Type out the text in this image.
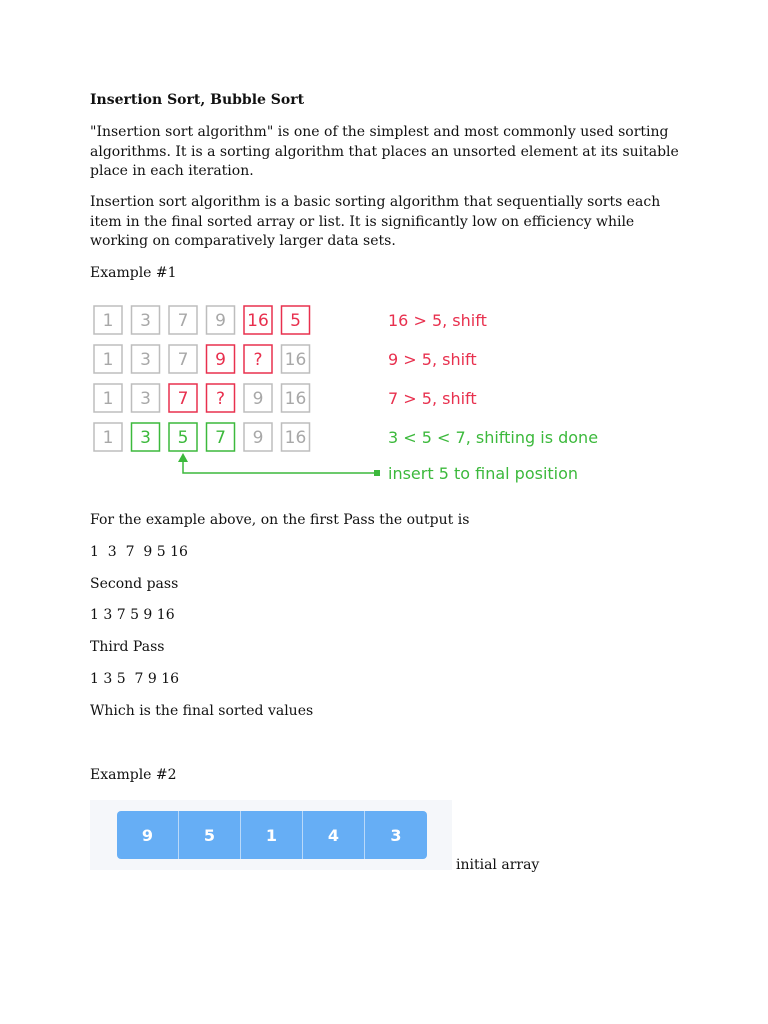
Insertion Sort, Bubble Sort

"Insertion sort algorithm" is one of the simplest and most commonly used sorting algorithms. It is a sorting algorithm that places an unsorted element at its suitable place in each iteration.

Insertion sort algorithm is a basic sorting algorithm that sequentially sorts each item in the final sorted array or list. It is significantly low on efficiency while working on comparatively larger data sets.

Example #1

1 3 7 9 16 5	16 > 5, shift
1 3 7 9 ? 16	9 > 5, shift
1 3 7 ? 9 16	7 > 5, shift
1 3 5 7 9 16	3 < 5 < 7, shifting is done
insert 5 to final position

For the example above, on the first Pass the output is

1  3  7  9 5 16

Second pass

1 3 7 5 9 16

Third Pass

1 3 5  7 9 16

Which is the final sorted values

Example #2

9	5	1	4	3
initial array
